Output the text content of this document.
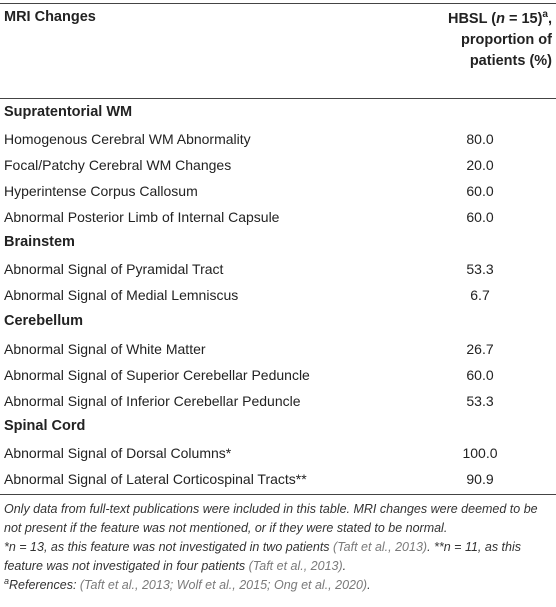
MRI Changes	HBSL (n = 15)$^a$,
proportion of
patients (%)
Supratentorial WM
Homogenous Cerebral WM Abnormality	80.0
Focal/Patchy Cerebral WM Changes	20.0
Hyperintense Corpus Callosum	60.0
Abnormal Posterior Limb of Internal Capsule	60.0
Brainstem
Abnormal Signal of Pyramidal Tract	53.3
Abnormal Signal of Medial Lemniscus	6.7
Cerebellum
Abnormal Signal of White Matter	26.7
Abnormal Signal of Superior Cerebellar Peduncle	60.0
Abnormal Signal of Inferior Cerebellar Peduncle	53.3
Spinal Cord
Abnormal Signal of Dorsal Columns*	100.0
Abnormal Signal of Lateral Corticospinal Tracts**	90.9

Only data from full-text publications were included in this table. MRI changes were deemed to be not present if the feature was not mentioned, or if they were stated to be normal.

*n = 13, as this feature was not investigated in two patients (Taft et al., 2013). **n = 11, as this feature was not investigated in four patients (Taft et al., 2013).

$^a$References: (Taft et al., 2013; Wolf et al., 2015; Ong et al., 2020).
